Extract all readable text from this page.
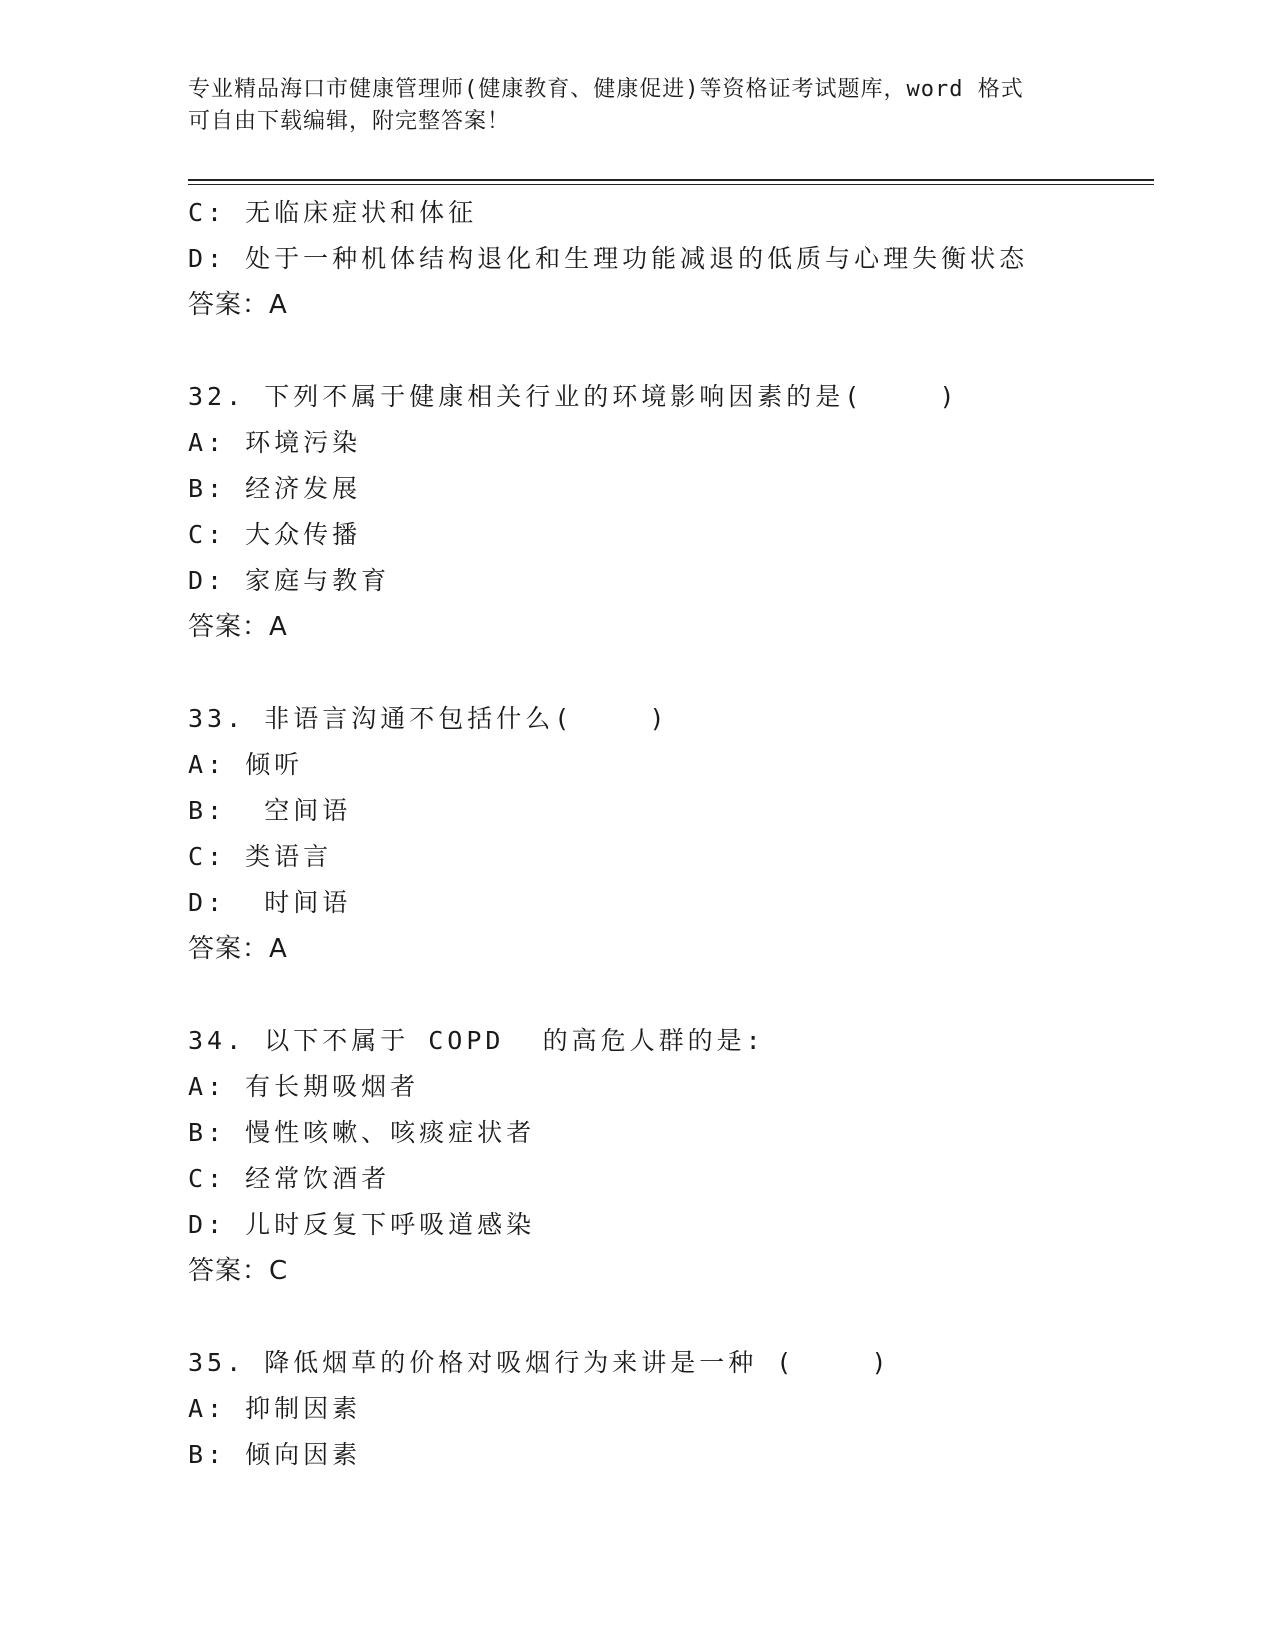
专业精品海口市健康管理师(健康教育、健康促进)等资格证考试题库，word 格式
可自由下载编辑，附完整答案！
C: 无临床症状和体征
D: 处于一种机体结构退化和生理功能减退的低质与心理失衡状态
答案：A
32. 下列不属于健康相关行业的环境影响因素的是(    )
A: 环境污染
B: 经济发展
C: 大众传播
D: 家庭与教育
答案：A
33. 非语言沟通不包括什么(    )
A: 倾听
B:  空间语
C: 类语言
D:  时间语
答案：A
34. 以下不属于 COPD  的高危人群的是:
A: 有长期吸烟者
B: 慢性咳嗽、咳痰症状者
C: 经常饮酒者
D: 儿时反复下呼吸道感染
答案：C
35. 降低烟草的价格对吸烟行为来讲是一种 (    )
A: 抑制因素
B: 倾向因素
